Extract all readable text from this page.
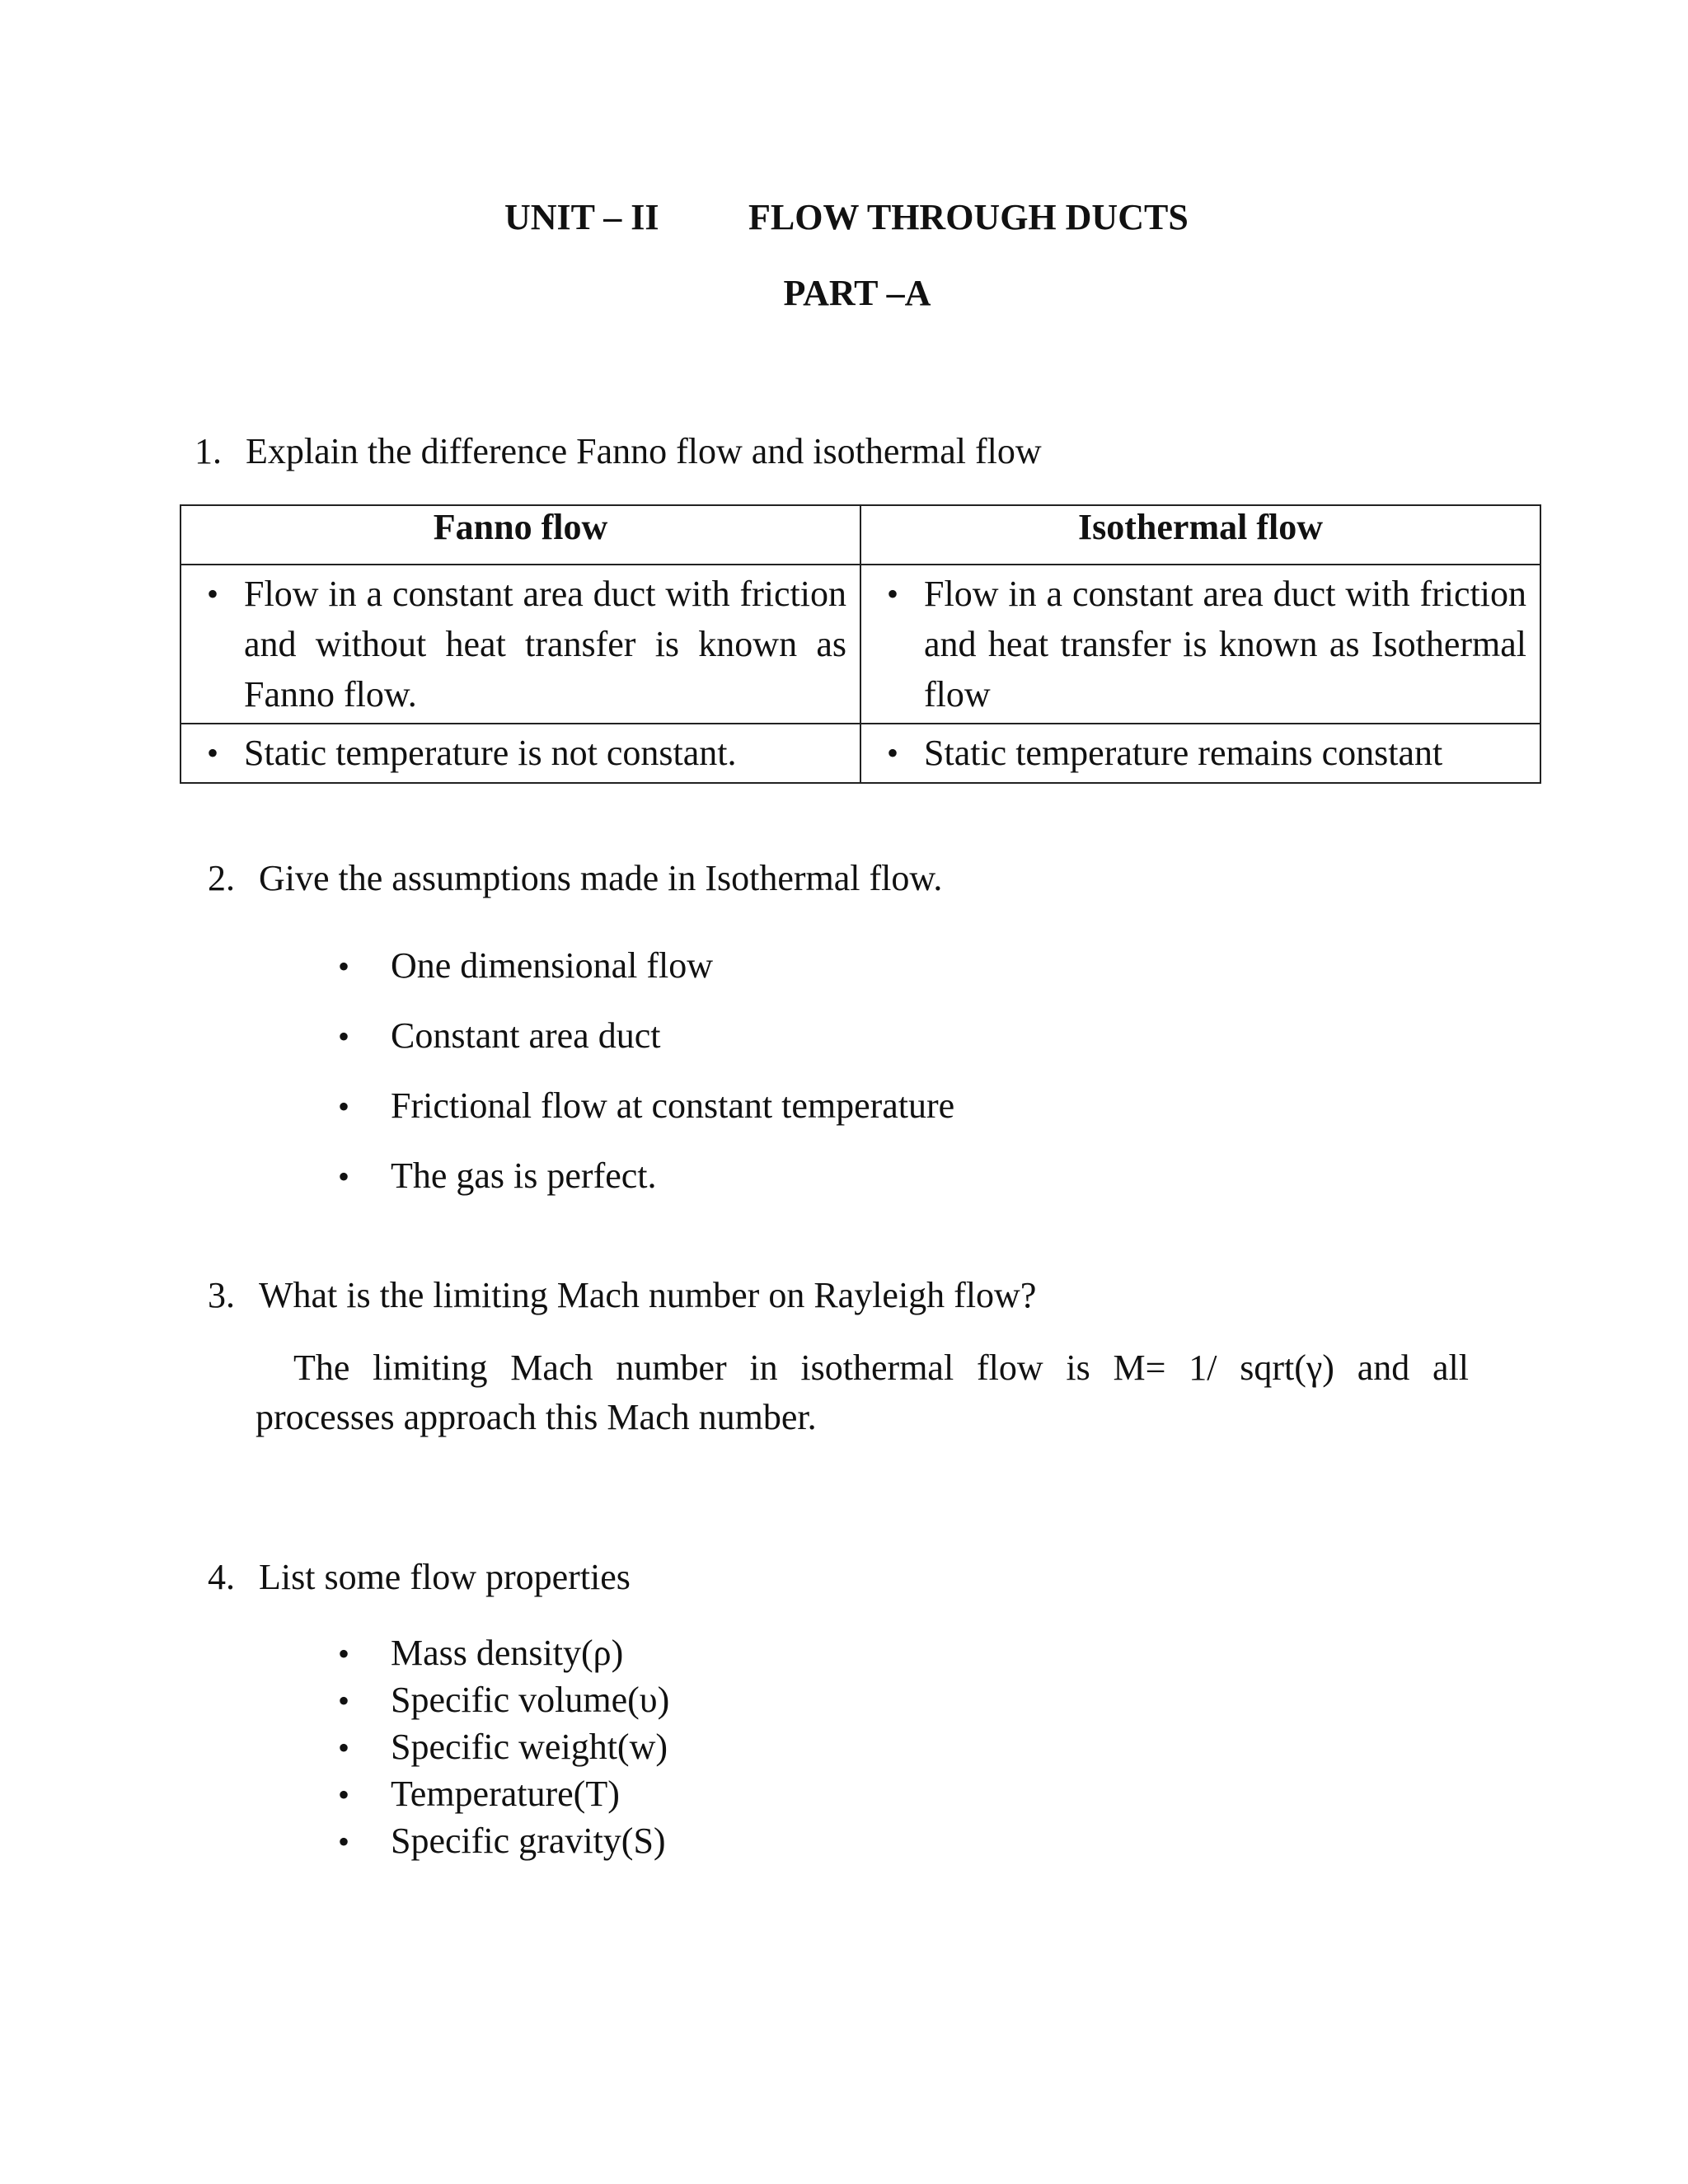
UNIT – II FLOW THROUGH DUCTS
PART –A
1. Explain the difference Fanno flow and isothermal flow
Fanno flow	Isothermal flow

• Flow in a constant area duct with friction and without heat transfer is known as Fanno flow.	• Flow in a constant area duct with friction and heat transfer is known as Isothermal flow

• Static temperature is not constant.	• Static temperature remains constant
2. Give the assumptions made in Isothermal flow.
•	One dimensional flow
•	Constant area duct
•	Frictional flow at constant temperature
•	The gas is perfect.
3. What is the limiting Mach number on Rayleigh flow?
The limiting Mach number in isothermal flow is M= 1/ sqrt(γ) and all
processes approach this Mach number.
4. List some flow properties
•	Mass density(ρ)
•	Specific volume(υ)
•	Specific weight(w)
•	Temperature(T)
•	Specific gravity(S)
